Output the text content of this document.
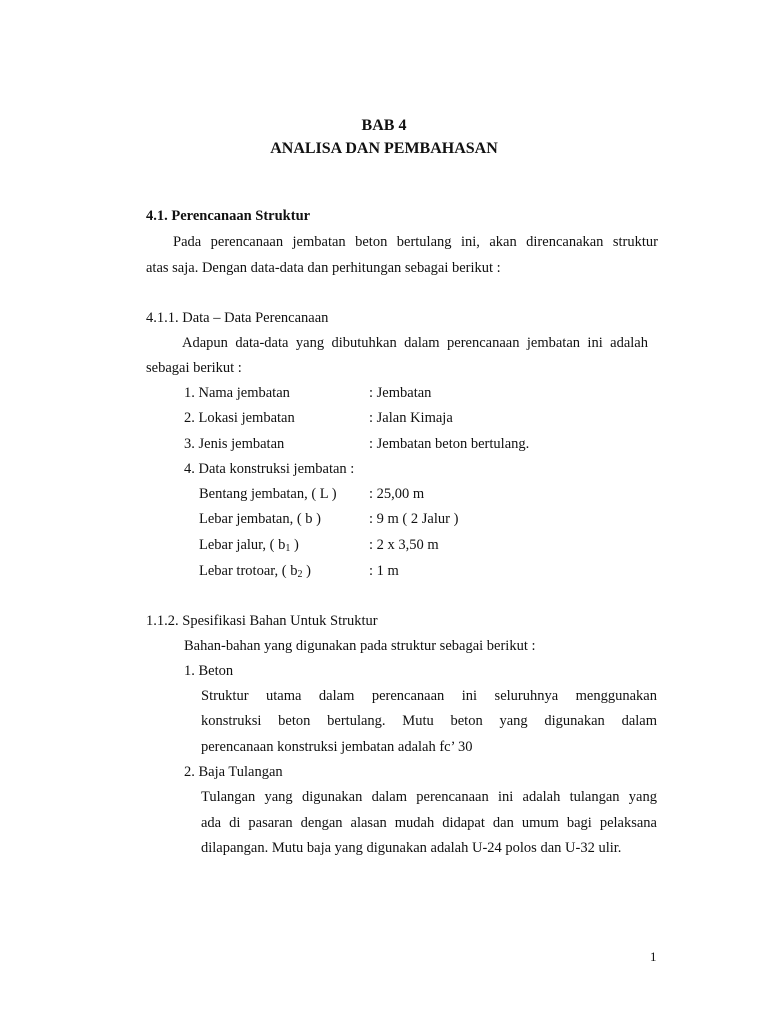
BAB 4
ANALISA DAN PEMBAHASAN
4.1. Perencanaan Struktur
Pada perencanaan jembatan beton bertulang ini, akan direncanakan struktur
atas saja. Dengan data-data dan perhitungan sebagai berikut :
4.1.1. Data – Data Perencanaan
Adapun data-data yang dibutuhkan dalam perencanaan jembatan ini adalah
sebagai berikut :
1. Nama jembatan	: Jembatan
2. Lokasi jembatan	: Jalan Kimaja
3. Jenis jembatan	: Jembatan beton bertulang.
4. Data konstruksi jembatan :
Bentang jembatan, ( L ) : 25,00 m
Lebar jembatan, ( b )	: 9 m ( 2 Jalur )
Lebar jalur, ( $b_1$ )	: 2 x 3,50 m
Lebar trotoar, ( $b_2$ )	: 1 m
1.1.2. Spesifikasi Bahan Untuk Struktur
Bahan-bahan yang digunakan pada struktur sebagai berikut :
1. Beton
Struktur utama dalam perencanaan ini seluruhnya menggunakan
konstruksi beton bertulang. Mutu beton yang digunakan dalam
perencanaan konstruksi jembatan adalah fc’ 30
2. Baja Tulangan
Tulangan yang digunakan dalam perencanaan ini adalah tulangan yang
ada di pasaran dengan alasan mudah didapat dan umum bagi pelaksana
dilapangan. Mutu baja yang digunakan adalah U-24 polos dan U-32 ulir.
1
